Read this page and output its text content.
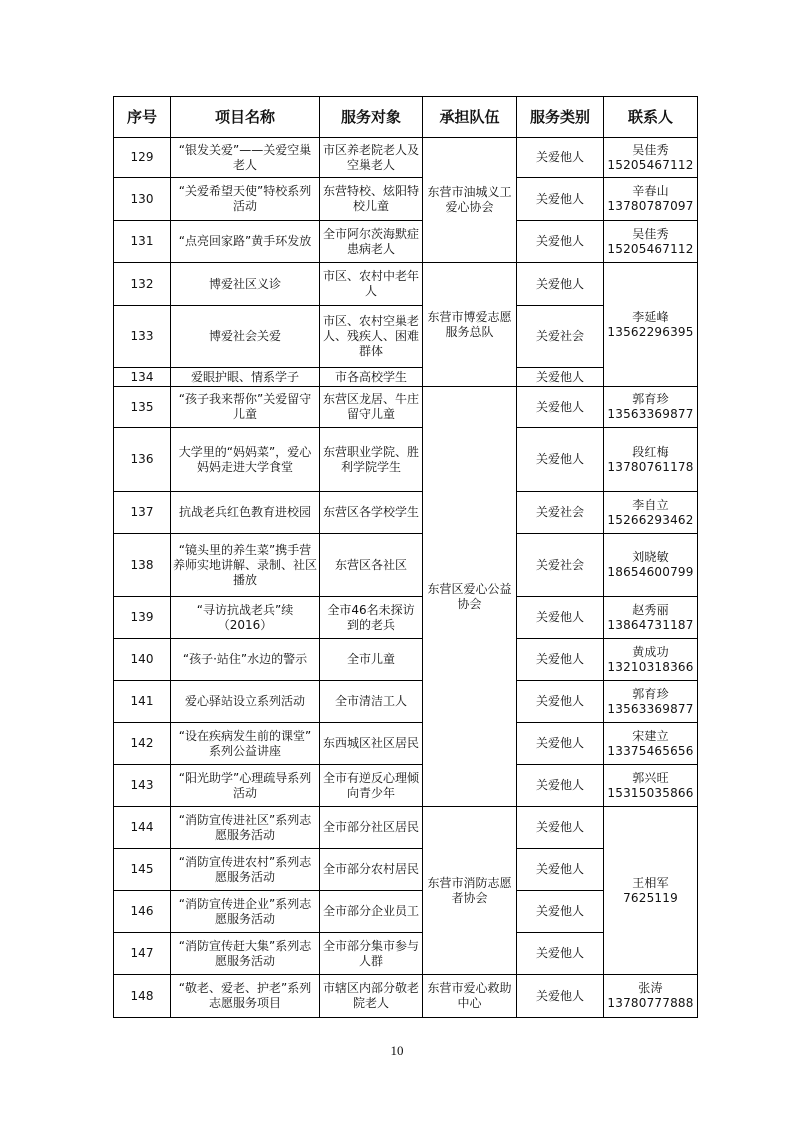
序号	项目名称	服务对象	承担队伍	服务类别	联系人
129	“银发关爱”——关爱空巢老人	市区养老院老人及空巢老人	东营市油城义工爱心协会	关爱他人	吴佳秀 15205467112
130	“关爱希望天使”特校系列活动	东营特校、炫阳特校儿童		关爱他人	辛春山 13780787097
131	“点亮回家路”黄手环发放	全市阿尔茨海默症患病老人		关爱他人	吴佳秀 15205467112
132	博爱社区义诊	市区、农村中老年人	东营市博爱志愿服务总队	关爱他人	李延峰 13562296395
133	博爱社会关爱	市区、农村空巢老人、残疾人、困难群体		关爱社会	
134	爱眼护眼、情系学子	市各高校学生		关爱他人	
135	“孩子我来帮你”关爱留守儿童	东营区龙居、牛庄留守儿童	东营区爱心公益协会	关爱他人	郭育珍 13563369877
136	大学里的“妈妈菜”，爱心妈妈走进大学食堂	东营职业学院、胜利学院学生		关爱他人	段红梅 13780761178
137	抗战老兵红色教育进校园	东营区各学校学生		关爱社会	李自立 15266293462
138	“镜头里的养生菜”携手营养师实地讲解、录制、社区播放	东营区各社区		关爱社会	刘晓敏 18654600799
139	“寻访抗战老兵”续（2016）	全市46名未探访到的老兵		关爱他人	赵秀丽 13864731187
140	“孩子·站住”水边的警示	全市儿童		关爱他人	黄成功 13210318366
141	爱心驿站设立系列活动	全市清洁工人		关爱他人	郭育珍 13563369877
142	“设在疾病发生前的课堂”　系列公益讲座	东西城区社区居民		关爱他人	宋建立 13375465656
143	“阳光助学”心理疏导系列活动	全市有逆反心理倾向青少年		关爱他人	郭兴旺 15315035866
144	“消防宣传进社区”系列志愿服务活动	全市部分社区居民	东营市消防志愿者协会	关爱他人	王相军 7625119
145	“消防宣传进农村”系列志愿服务活动	全市部分农村居民		关爱他人	
146	“消防宣传进企业”系列志愿服务活动	全市部分企业员工		关爱他人	
147	“消防宣传赶大集”系列志愿服务活动	全市部分集市参与人群		关爱他人	
148	“敬老、爱老、护老”系列志愿服务项目	市辖区内部分敬老院老人	东营市爱心救助中心	关爱他人	张涛 13780777888
10
